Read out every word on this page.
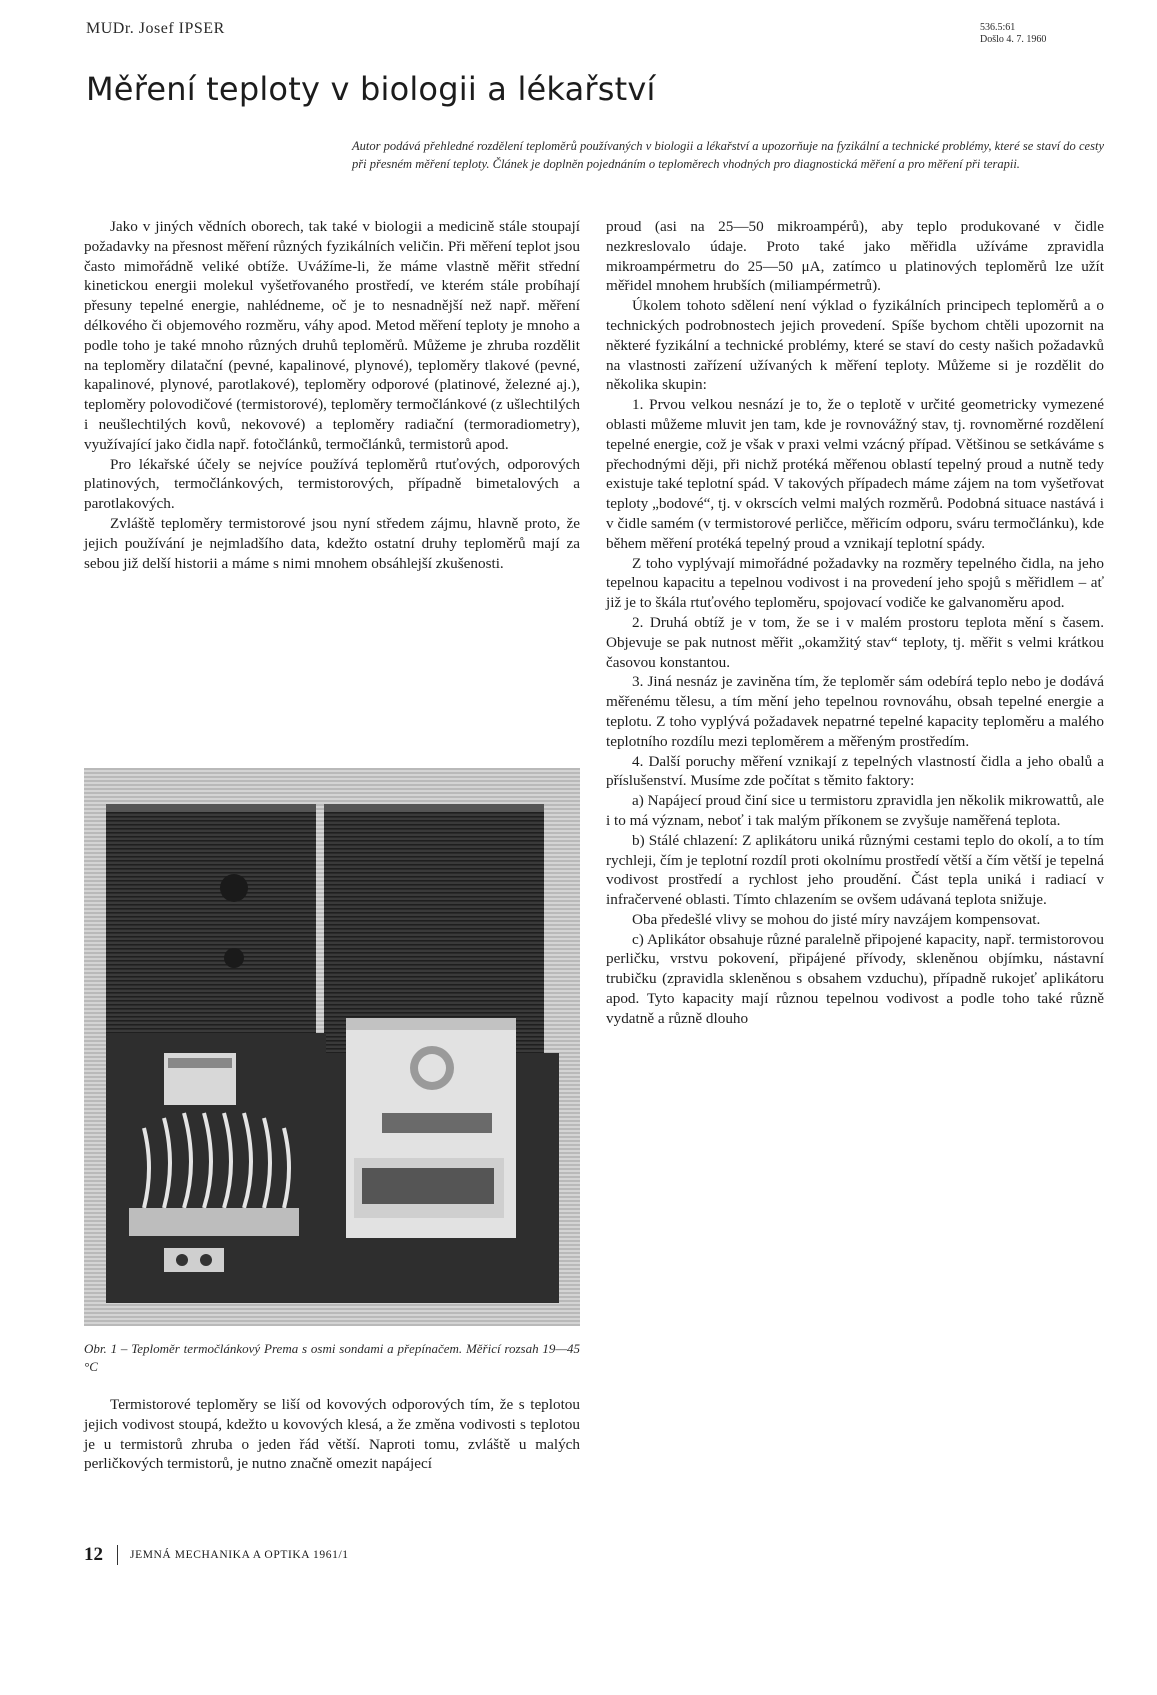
MUDr. Josef IPSER	536.5:61
Došlo 4. 7. 1960
Měření teploty v biologii a lékařství

Autor podává přehledné rozdělení teploměrů používaných v biologii a lékařství a upozorňuje na fyzikální a technické problémy, které se staví do cesty při přesném měření teploty. Článek je doplněn pojednáním o teploměrech vhodných pro diagnostická měření a pro měření při terapii.

Jako v jiných vědních oborech, tak také v biologii a medicině stále stoupají požadavky na přesnost měření různých fyzikálních veličin. Při měření teplot jsou často mimořádně veliké obtíže. Uvážíme-li, že máme vlastně měřit střední kinetickou energii molekul vyšetřovaného prostředí, ve kterém stále probíhají přesuny tepelné energie, nahlédneme, oč je to nesnadnější než např. měření délkového či objemového rozměru, váhy apod. Metod měření teploty je mnoho a podle toho je také mnoho různých druhů teploměrů. Můžeme je zhruba rozdělit na teploměry dilatační (pevné, kapalinové, plynové), teploměry tlakové (pevné, kapalinové, plynové, parotlakové), teploměry odporové (platinové, železné aj.), teploměry polovodičové (termistorové), teploměry termočlánkové (z ušlechtilých i neušlechtilých kovů, nekovové) a teploměry radiační (termoradiometry), využívající jako čidla např. fotočlánků, termočlánků, termistorů apod.

Pro lékařské účely se nejvíce používá teploměrů rtuťových, odporových platinových, termočlánkových, termistorových, případně bimetalových a parotlakových.

Zvláště teploměry termistorové jsou nyní středem zájmu, hlavně proto, že jejich používání je nejmladšího data, kdežto ostatní druhy teploměrů mají za sebou již delší historii a máme s nimi mnohem obsáhlejší zkušenosti.

Obr. 1 – Teploměr termočlánkový Prema s osmi sondami a přepínačem. Měřicí rozsah 19—45 °C

Termistorové teploměry se liší od kovových odporových tím, že s teplotou jejich vodivost stoupá, kdežto u kovových klesá, a že změna vodivosti s teplotou je u termistorů zhruba o jeden řád větší. Naproti tomu, zvláště u malých perličkových termistorů, je nutno značně omezit napájecí

proud (asi na 25—50 mikroampérů), aby teplo produkované v čidle nezkreslovalo údaje. Proto také jako měřidla užíváme zpravidla mikroampérmetru do 25—50 μA, zatímco u platinových teploměrů lze užít měřidel mnohem hrubších (miliampérmetrů).

Úkolem tohoto sdělení není výklad o fyzikálních principech teploměrů a o technických podrobnostech jejich provedení. Spíše bychom chtěli upozornit na některé fyzikální a technické problémy, které se staví do cesty našich požadavků na vlastnosti zařízení užívaných k měření teploty. Můžeme si je rozdělit do několika skupin:

1. Prvou velkou nesnází je to, že o teplotě v určité geometricky vymezené oblasti můžeme mluvit jen tam, kde je rovnovážný stav, tj. rovnoměrné rozdělení tepelné energie, což je však v praxi velmi vzácný případ. Většinou se setkáváme s přechodnými ději, při nichž protéká měřenou oblastí tepelný proud a nutně tedy existuje také teplotní spád. V takových případech máme zájem na tom vyšetřovat teploty „bodové“, tj. v okrscích velmi malých rozměrů. Podobná situace nastává i v čidle samém (v termistorové perličce, měřicím odporu, sváru termočlánku), kde během měření protéká tepelný proud a vznikají teplotní spády.

Z toho vyplývají mimořádné požadavky na rozměry tepelného čidla, na jeho tepelnou kapacitu a tepelnou vodivost i na provedení jeho spojů s měřidlem – ať již je to škála rtuťového teploměru, spojovací vodiče ke galvanoměru apod.

2. Druhá obtíž je v tom, že se i v malém prostoru teplota mění s časem. Objevuje se pak nutnost měřit „okamžitý stav“ teploty, tj. měřit s velmi krátkou časovou konstantou.

3. Jiná nesnáz je zaviněna tím, že teploměr sám odebírá teplo nebo je dodává měřenému tělesu, a tím mění jeho tepelnou rovnováhu, obsah tepelné energie a teplotu. Z toho vyplývá požadavek nepatrné tepelné kapacity teploměru a malého teplotního rozdílu mezi teploměrem a měřeným prostředím.

4. Další poruchy měření vznikají z tepelných vlastností čidla a jeho obalů a příslušenství. Musíme zde počítat s těmito faktory:

a) Napájecí proud činí sice u termistoru zpravidla jen několik mikrowattů, ale i to má význam, neboť i tak malým příkonem se zvyšuje naměřená teplota.

b) Stálé chlazení: Z aplikátoru uniká různými cestami teplo do okolí, a to tím rychleji, čím je teplotní rozdíl proti okolnímu prostředí větší a čím větší je tepelná vodivost prostředí a rychlost jeho proudění. Část tepla uniká i radiací v infračervené oblasti. Tímto chlazením se ovšem udávaná teplota snižuje.

Oba předešlé vlivy se mohou do jisté míry navzájem kompensovat.

c) Aplikátor obsahuje různé paralelně připojené kapacity, např. termistorovou perličku, vrstvu pokovení, připájené přívody, skleněnou objímku, nástavní trubičku (zpravidla skleněnou s obsahem vzduchu), případně rukojeť aplikátoru apod. Tyto kapacity mají různou tepelnou vodivost a podle toho také různě vydatně a různě dlouho

12	JEMNÁ MECHANIKA A OPTIKA 1961/1
